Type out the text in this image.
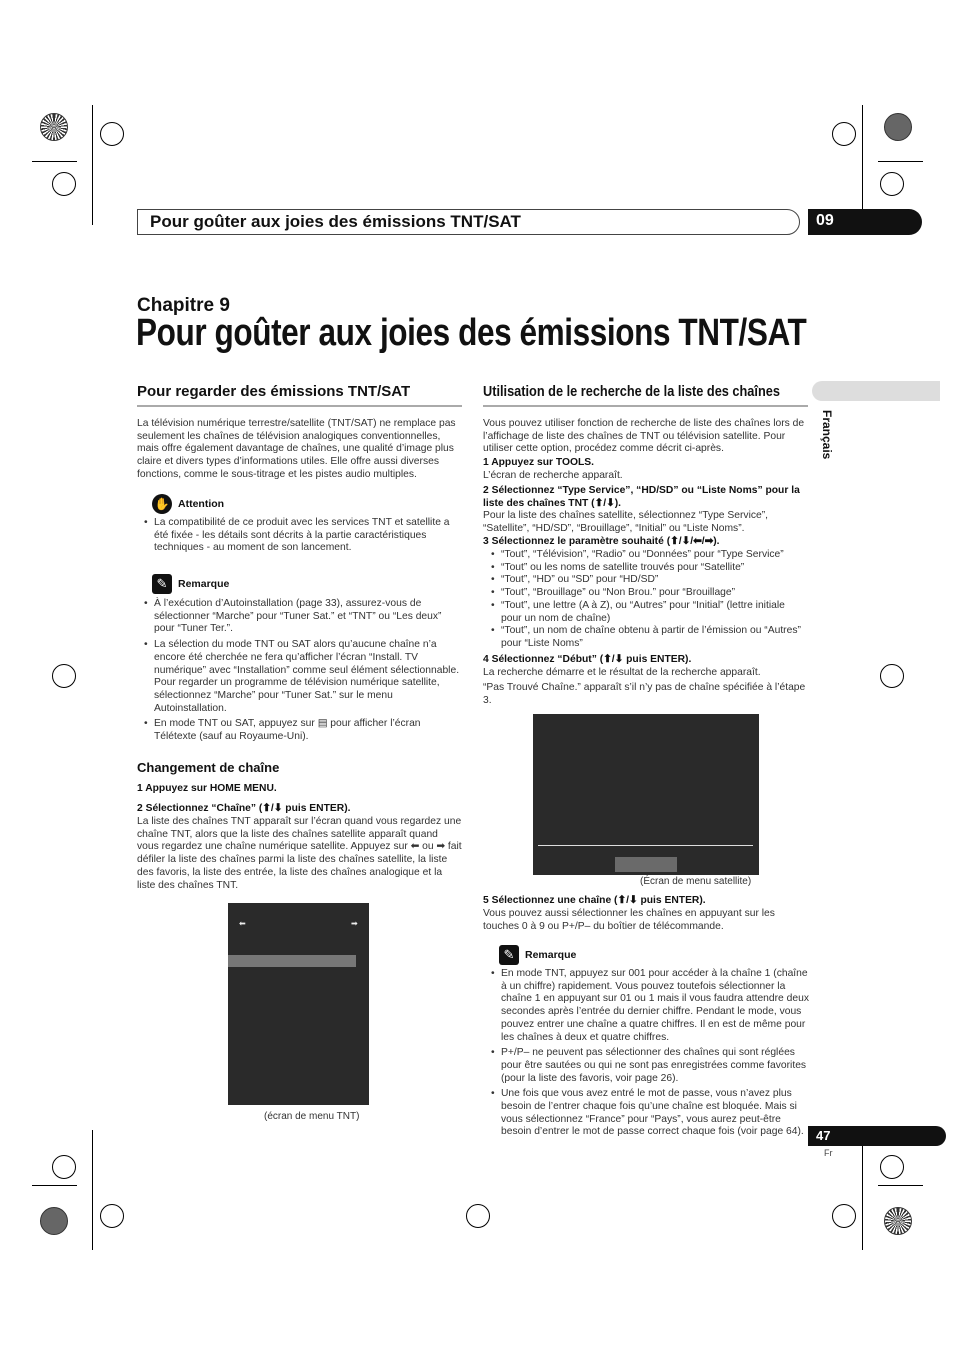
Pour goûter aux joies des émissions TNT/SAT	09
Chapitre 9
Pour goûter aux joies des émissions TNT/SAT
Français
Pour regarder des émissions TNT/SAT
La télévision numérique terrestre/satellite (TNT/SAT) ne remplace pas seulement les chaînes de télévision analogiques conventionnelles, mais offre également davantage de chaînes, une qualité d’image plus claire et divers types d’informations utiles. Elle offre aussi diverses fonctions, comme le sous-titrage et les pistes audio multiples.
✋ Attention

• La compatibilité de ce produit avec les services TNT et satellite a été fixée - les détails sont décrits à la partie caractéristiques techniques - au moment de son lancement.

✎ Remarque

• À l’exécution d’Autoinstallation (page 33), assurez-vous de sélectionner “Marche” pour “Tuner Sat.” et “TNT” ou “Les deux” pour “Tuner Ter.”.

• La sélection du mode TNT ou SAT alors qu’aucune chaîne n’a encore été cherchée ne fera qu’afficher l’écran “Install. TV numérique” avec “Installation” comme seul élément sélectionnable. Pour regarder un programme de télévision numérique satellite, sélectionnez “Marche” pour “Tuner Sat.” sur le menu Autoinstallation.

• En mode TNT ou SAT, appuyez sur ▤ pour afficher l’écran Télétexte (sauf au Royaume-Uni).

Changement de chaîne
1 Appuyez sur HOME MENU.
2 Sélectionnez “Chaîne” (⬆/⬇ puis ENTER).
La liste des chaînes TNT apparaît sur l’écran quand vous regardez une chaîne TNT, alors que la liste des chaînes satellite apparaît quand vous regardez une chaîne numérique satellite. Appuyez sur ⬅ ou ➡ fait défiler la liste des chaînes parmi la liste des chaînes satellite, la liste des favoris, la liste des entrée, la liste des chaînes analogique et la liste des chaînes TNT.
⬅	➡
(écran de menu TNT)
Utilisation de le recherche de la liste des chaînes
Vous pouvez utiliser fonction de recherche de liste des chaînes lors de l’affichage de liste des chaînes de TNT ou télévision satellite. Pour utiliser cette option, procédez comme décrit ci-après.
1 Appuyez sur TOOLS.
L’écran de recherche apparaît.
2 Sélectionnez “Type Service”, “HD/SD” ou “Liste Noms” pour la liste des chaînes TNT (⬆/⬇).
Pour la liste des chaînes satellite, sélectionnez “Type Service”, “Satellite”, “HD/SD”, “Brouillage”, “Initial” ou “Liste Noms”.
3 Sélectionnez le paramètre souhaité (⬆/⬇/⬅/➡).

• “Tout”, “Télévision”, “Radio” ou “Données” pour “Type Service”

• “Tout” ou les noms de satellite trouvés pour “Satellite”

• “Tout”, “HD” ou “SD” pour “HD/SD”

• “Tout”, “Brouillage” ou “Non Brou.” pour “Brouillage”

• “Tout”, une lettre (A à Z), ou “Autres” pour “Initial” (lettre initiale pour un nom de chaîne)

• “Tout”, un nom de chaîne obtenu à partir de l’émission ou “Autres” pour “Liste Noms”

4 Sélectionnez “Début” (⬆/⬇ puis ENTER).
La recherche démarre et le résultat de la recherche apparaît.
“Pas Trouvé Chaîne.” apparaît s’il n’y pas de chaîne spécifiée à l’étape 3.
(Écran de menu satellite)
5 Sélectionnez une chaîne (⬆/⬇ puis ENTER).
Vous pouvez aussi sélectionner les chaînes en appuyant sur les touches 0 à 9 ou P+/P– du boîtier de télécommande.
✎ Remarque

• En mode TNT, appuyez sur 001 pour accéder à la chaîne 1 (chaîne à un chiffre) rapidement. Vous pouvez toutefois sélectionner la chaîne 1 en appuyant sur 01 ou 1 mais il vous faudra attendre deux secondes après l’entrée du dernier chiffre. Pendant le mode, vous pouvez entrer une chaîne a quatre chiffres. Il en est de même pour les chaînes à deux et quatre chiffres.

• P+/P– ne peuvent pas sélectionner des chaînes qui sont réglées pour être sautées ou qui ne sont pas enregistrées comme favorites (pour la liste des favoris, voir page 26).

• Une fois que vous avez entré le mot de passe, vous n’avez plus besoin de l’entrer chaque fois qu’une chaîne est bloquée. Mais si vous sélectionnez “France” pour “Pays”, vous aurez peut-être besoin d’entrer le mot de passe correct chaque fois (voir page 64). 47
Fr
